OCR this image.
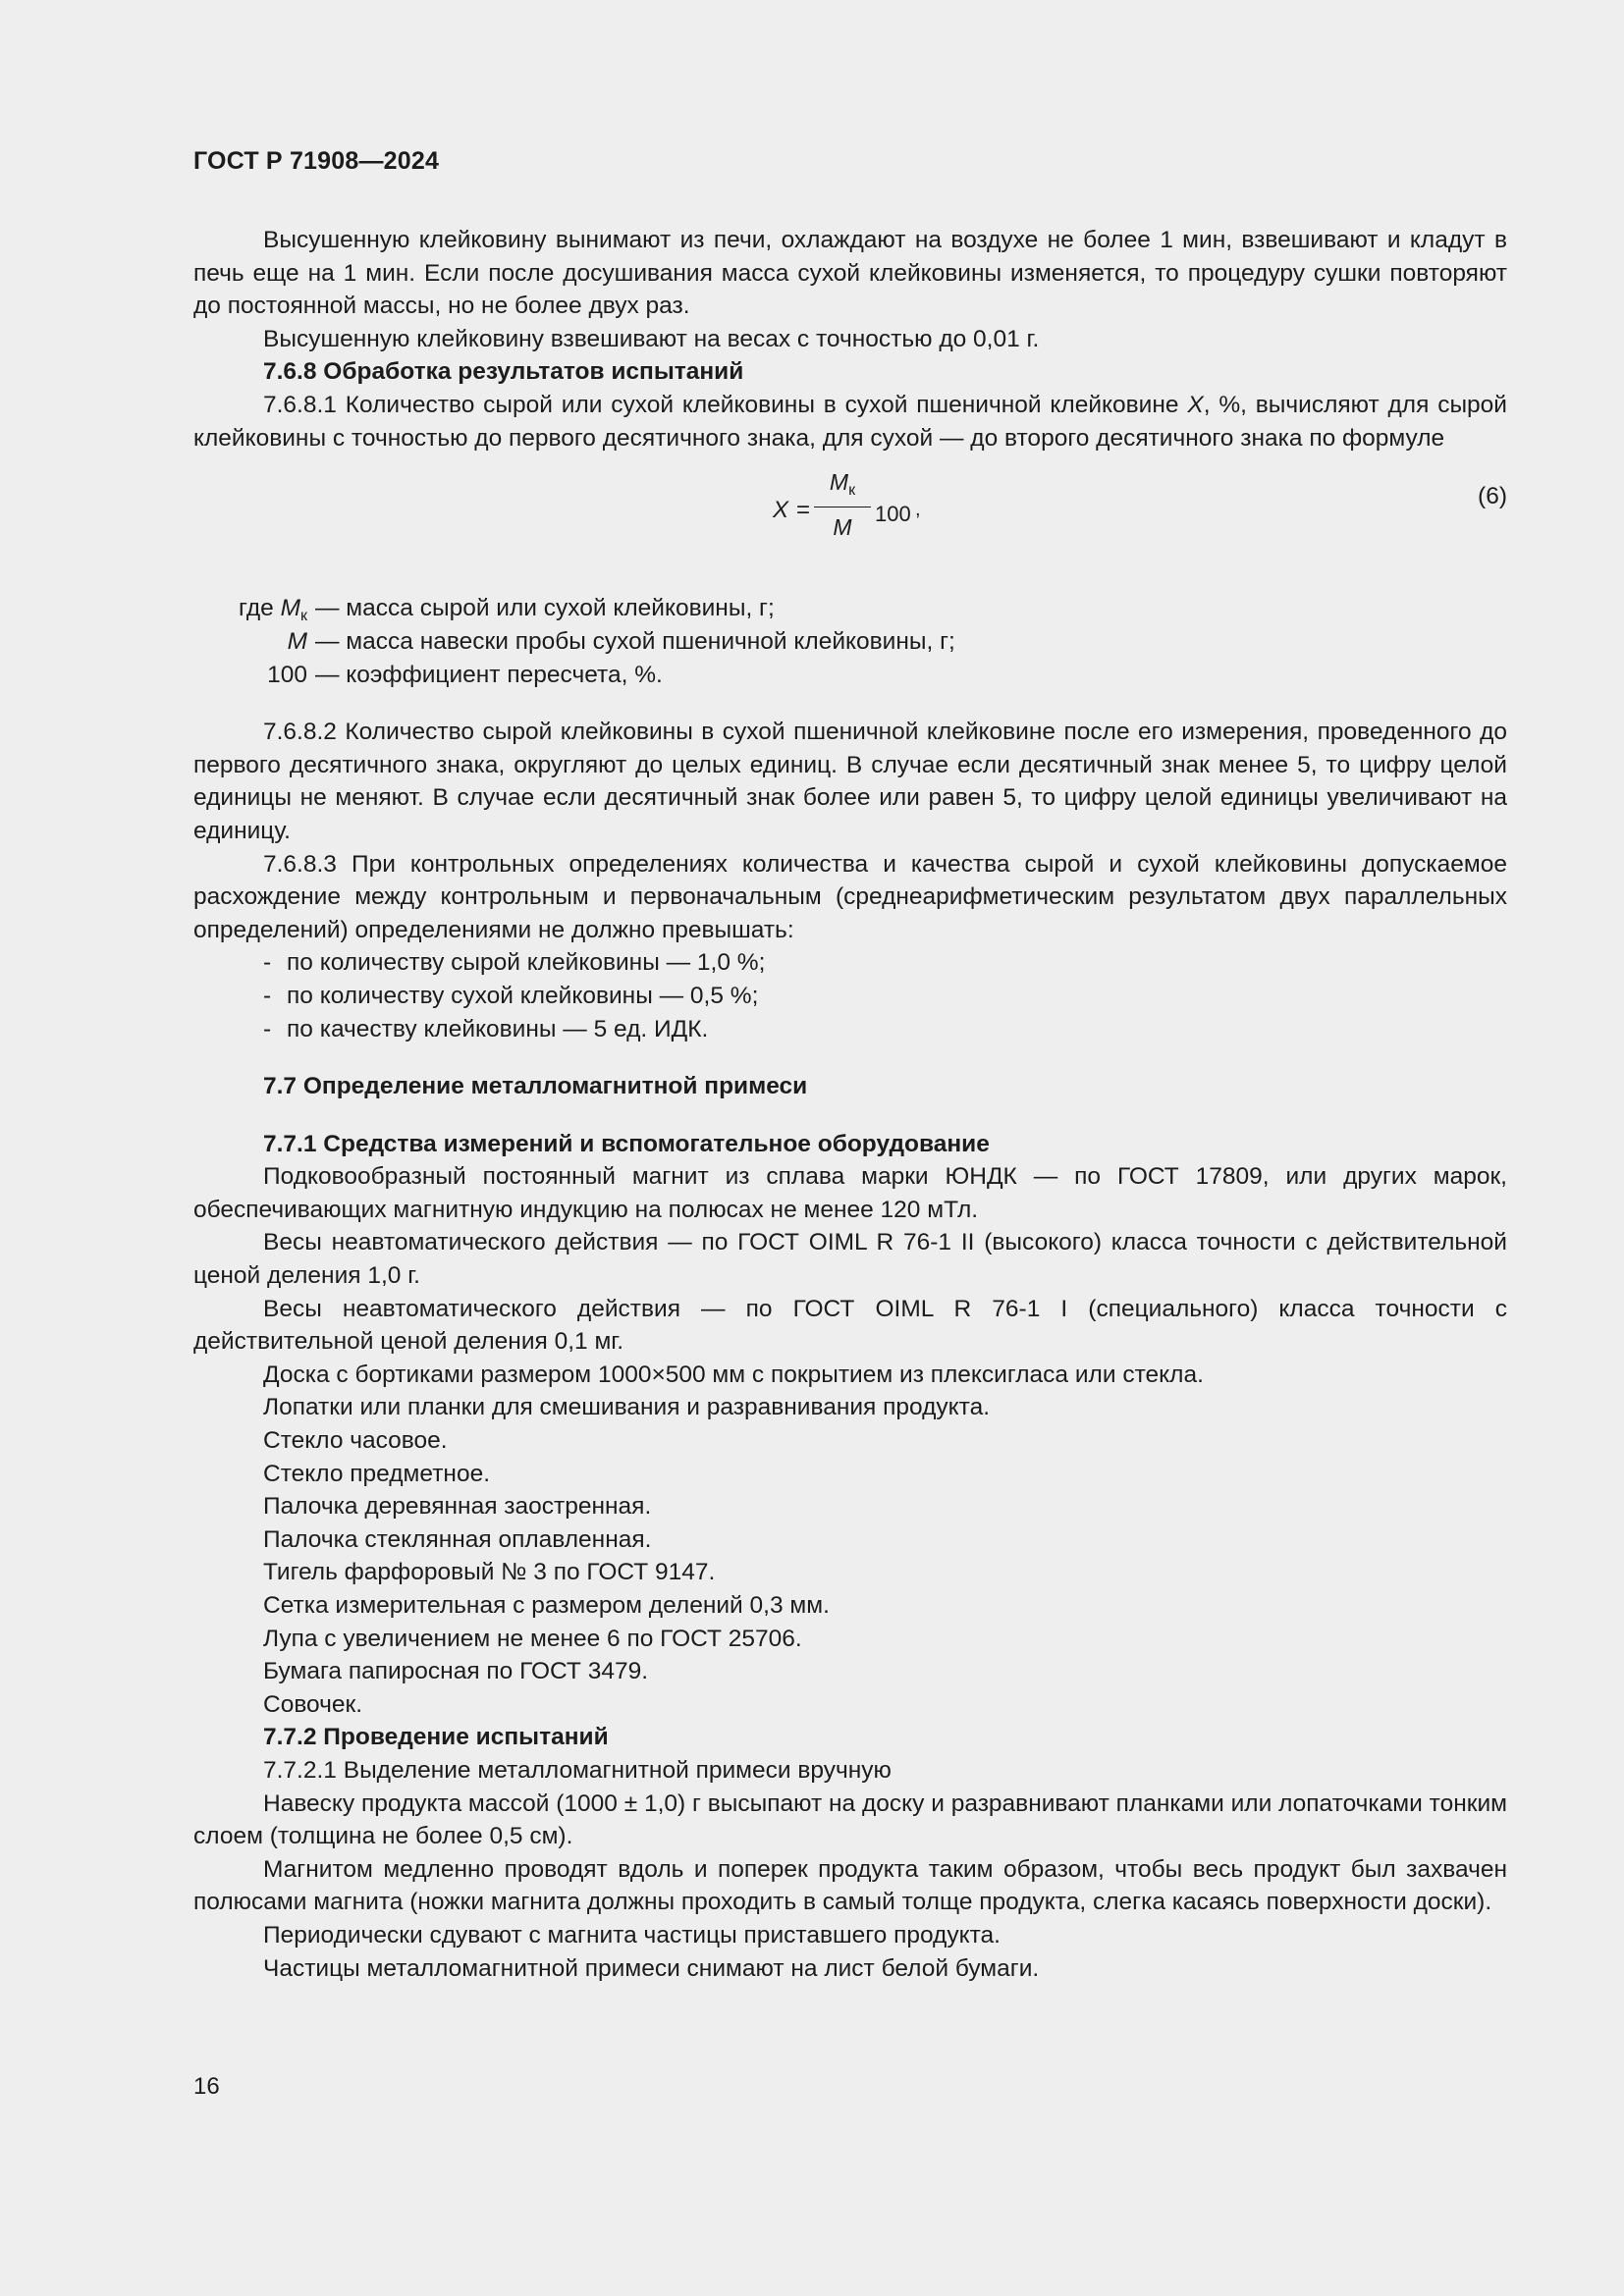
ГОСТ Р 71908—2024

Высушенную клейковину вынимают из печи, охлаждают на воздухе не более 1 мин, взвешивают и кладут в печь еще на 1 мин. Если после досушивания масса сухой клейковины изменяется, то процедуру сушки повторяют до постоянной массы, но не более двух раз.

Высушенную клейковину взвешивают на весах с точностью до 0,01 г.

7.6.8 Обработка результатов испытаний

7.6.8.1 Количество сырой или сухой клейковины в сухой пшеничной клейковине X, %, вычисляют для сырой клейковины с точностью до первого десятичного знака, для сухой — до второго десятичного знака по формуле

X =
$M_к$
M
100 ,	(6)
где $M_к$ — масса сырой или сухой клейковины, г;
M — масса навески пробы сухой пшеничной клейковины, г;
100 — коэффициент пересчета, %.

7.6.8.2 Количество сырой клейковины в сухой пшеничной клейковине после его измерения, проведенного до первого десятичного знака, округляют до целых единиц. В случае если десятичный знак менее 5, то цифру целой единицы не меняют. В случае если десятичный знак более или равен 5, то цифру целой единицы увеличивают на единицу.

7.6.8.3 При контрольных определениях количества и качества сырой и сухой клейковины допускаемое расхождение между контрольным и первоначальным (среднеарифметическим результатом двух параллельных определений) определениями не должно превышать:

- по количеству сырой клейковины — 1,0 %;

- по количеству сухой клейковины — 0,5 %;

- по качеству клейковины — 5 ед. ИДК.

7.7 Определение металломагнитной примеси

7.7.1 Средства измерений и вспомогательное оборудование

Подковообразный постоянный магнит из сплава марки ЮНДК — по ГОСТ 17809, или других марок, обеспечивающих магнитную индукцию на полюсах не менее 120 мТл.

Весы неавтоматического действия — по ГОСТ OIML R 76-1 II (высокого) класса точности с действительной ценой деления 1,0 г.

Весы неавтоматического действия — по ГОСТ OIML R 76-1 I (специального) класса точности с действительной ценой деления 0,1 мг.

Доска с бортиками размером 1000×500 мм с покрытием из плексигласа или стекла.

Лопатки или планки для смешивания и разравнивания продукта.

Стекло часовое.

Стекло предметное.

Палочка деревянная заостренная.

Палочка стеклянная оплавленная.

Тигель фарфоровый № 3 по ГОСТ 9147.

Сетка измерительная с размером делений 0,3 мм.

Лупа с увеличением не менее 6 по ГОСТ 25706.

Бумага папиросная по ГОСТ 3479.

Совочек.

7.7.2 Проведение испытаний

7.7.2.1 Выделение металломагнитной примеси вручную

Навеску продукта массой (1000 ± 1,0) г высыпают на доску и разравнивают планками или лопаточками тонким слоем (толщина не более 0,5 см).

Магнитом медленно проводят вдоль и поперек продукта таким образом, чтобы весь продукт был захвачен полюсами магнита (ножки магнита должны проходить в самый толще продукта, слегка касаясь поверхности доски).

Периодически сдувают с магнита частицы приставшего продукта.

Частицы металломагнитной примеси снимают на лист белой бумаги.

16
